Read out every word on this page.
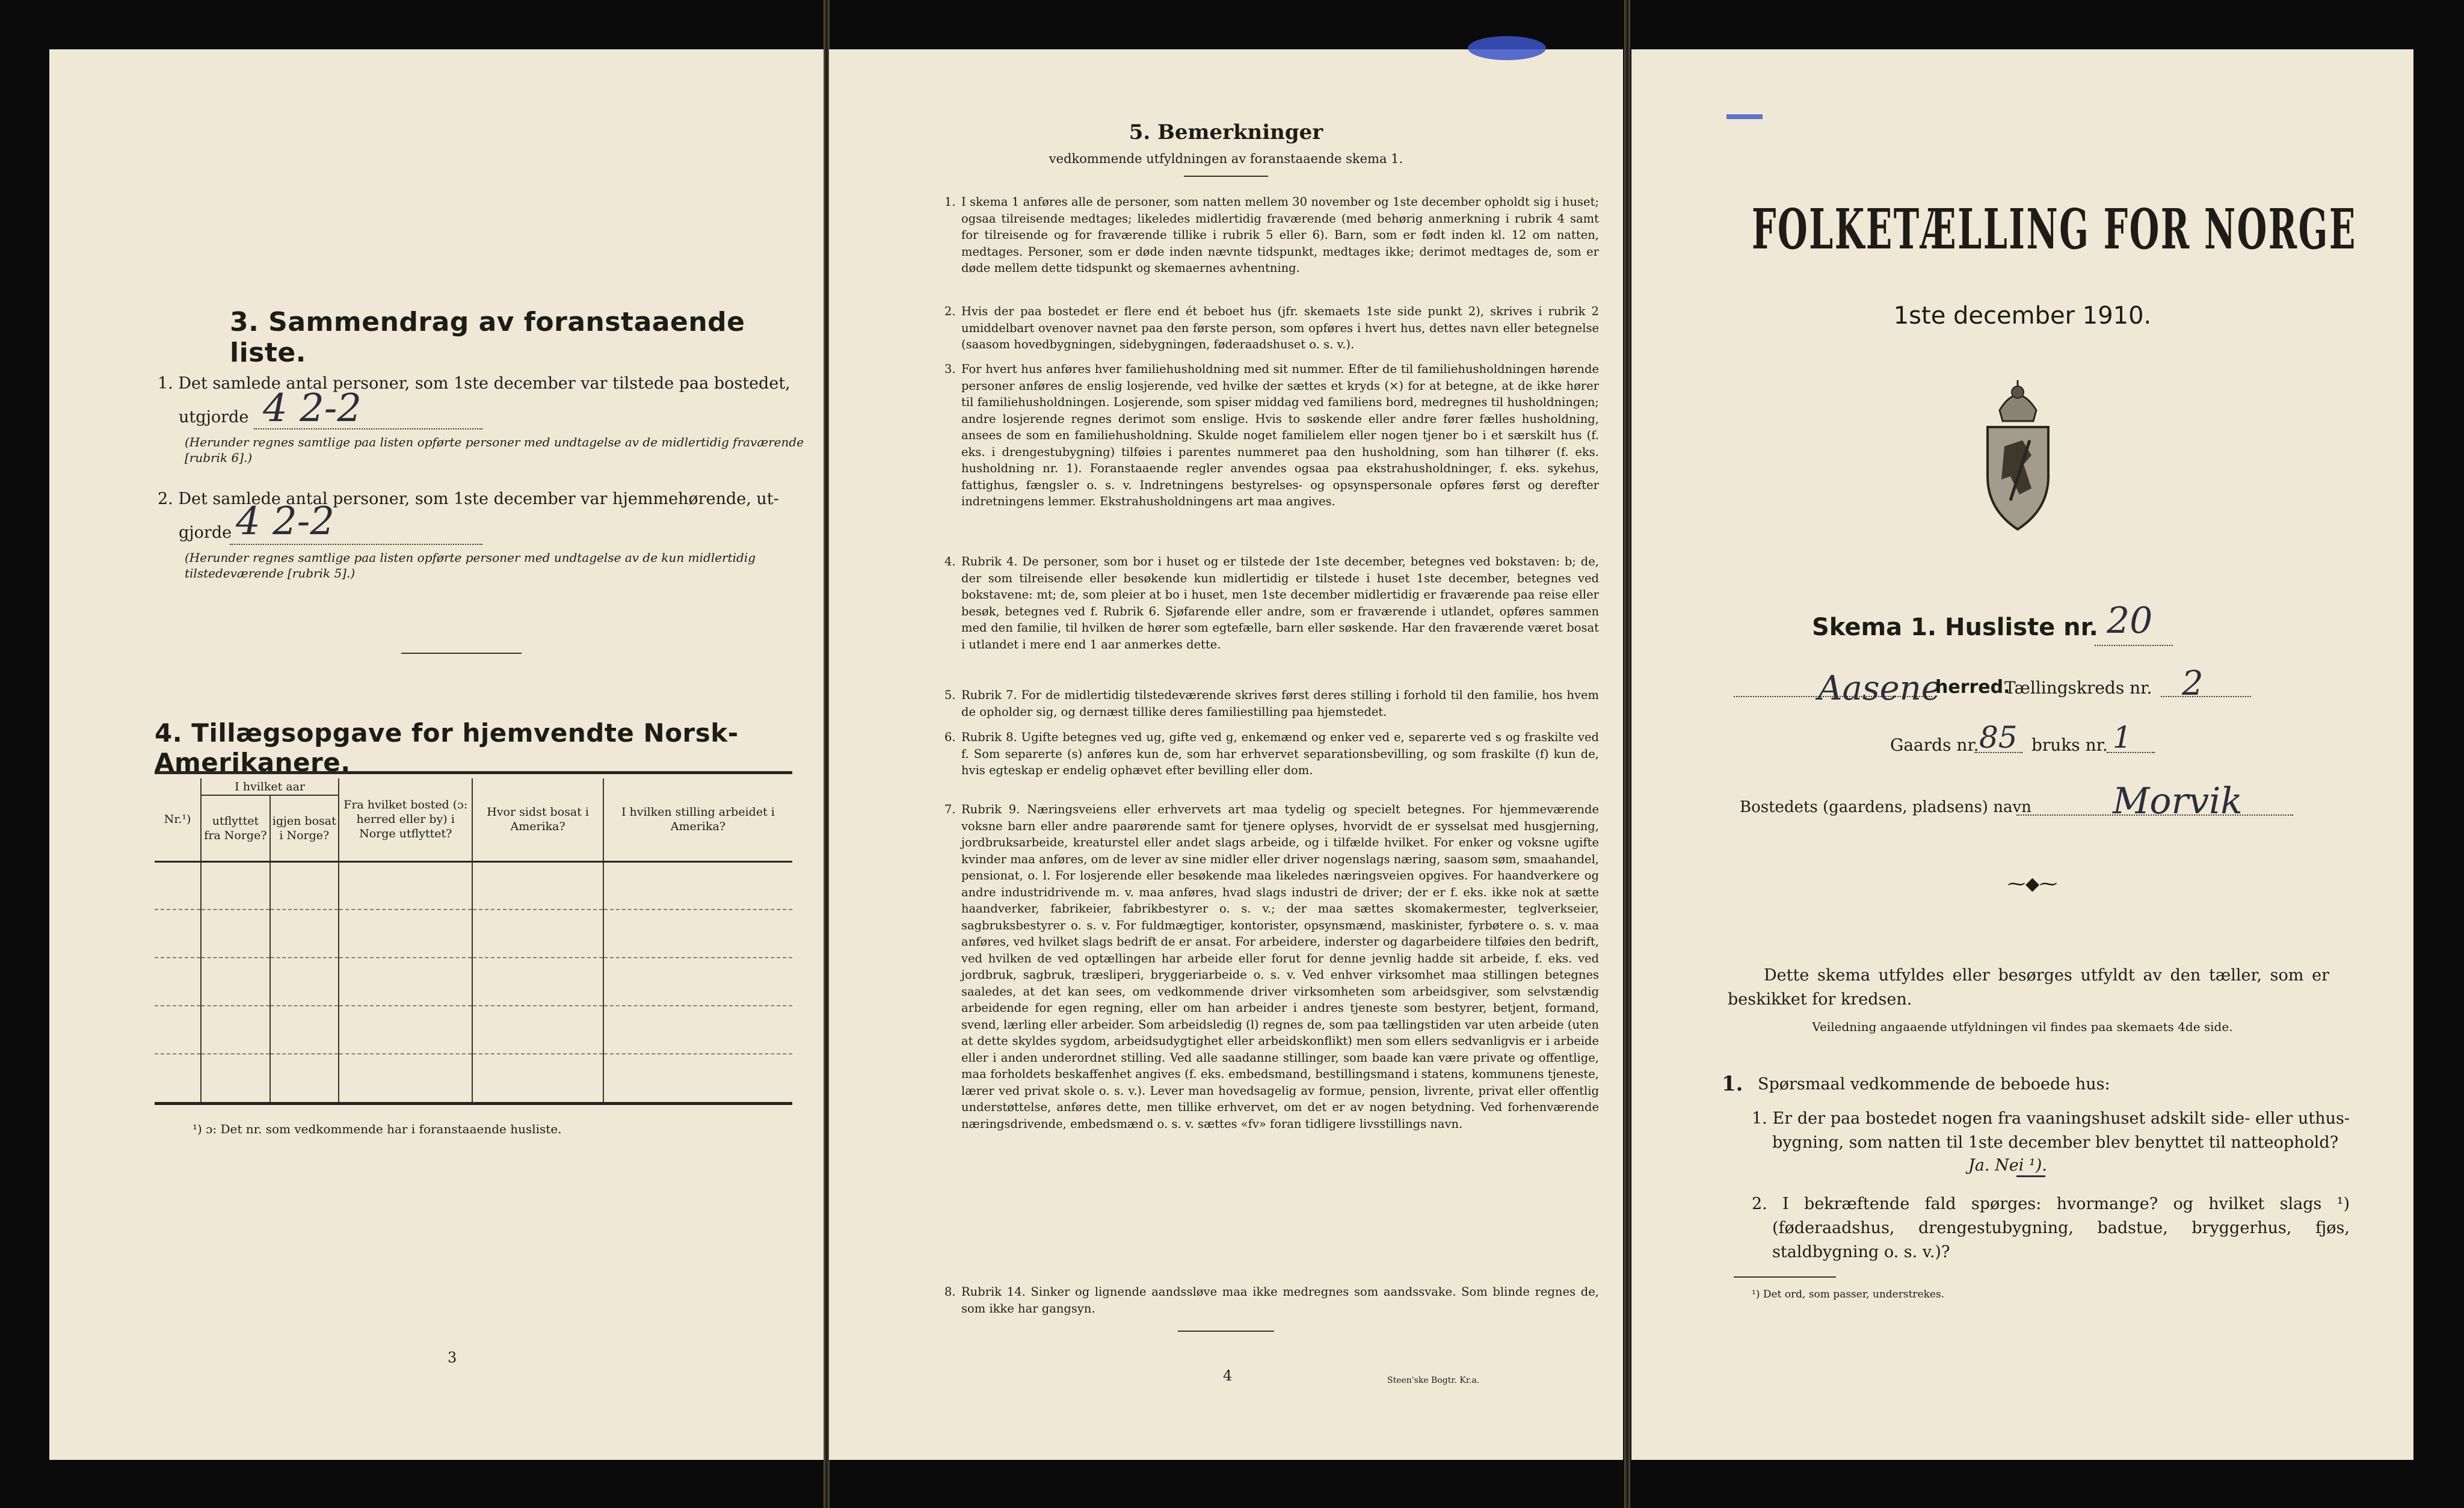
3. Sammendrag av foranstaaende liste.
1. Det samlede antal personer, som 1ste december var tilstede paa bostedet,
utgjorde 4 2-2
(Herunder regnes samtlige paa listen opførte personer med undtagelse av de midlertidig fraværende [rubrik 6].)
2. Det samlede antal personer, som 1ste december var hjemmehørende, ut-
gjorde 4 2-2
(Herunder regnes samtlige paa listen opførte personer med undtagelse av de kun midlertidig tilstedeværende [rubrik 5].)
4. Tillægsopgave for hjemvendte Norsk-Amerikanere.
Nr.¹)	I hvilket aar		Fra hvilket bosted (ɔ: herred eller by) i Norge utflyttet?	Hvor sidst bosat i Amerika?	I hvilken stilling arbeidet i Amerika?
	utflyttet fra Norge?	igjen bosat i Norge?			

¹) ɔ: Det nr. som vedkommende har i foranstaaende husliste.
3
5. Bemerkninger
vedkommende utfyldningen av foranstaaende skema 1.
1. I skema 1 anføres alle de personer, som natten mellem 30 november og 1ste december opholdt sig i huset; ogsaa tilreisende medtages; likeledes midlertidig fraværende (med behørig anmerkning i rubrik 4 samt for tilreisende og for fraværende tillike i rubrik 5 eller 6). Barn, som er født inden kl. 12 om natten, medtages. Personer, som er døde inden nævnte tidspunkt, medtages ikke; derimot medtages de, som er døde mellem dette tidspunkt og skemaernes avhentning.
2. Hvis der paa bostedet er flere end ét beboet hus (jfr. skemaets 1ste side punkt 2), skrives i rubrik 2 umiddelbart ovenover navnet paa den første person, som opføres i hvert hus, dettes navn eller betegnelse (saasom hovedbygningen, sidebygningen, føderaadshuset o. s. v.).
3. For hvert hus anføres hver familiehusholdning med sit nummer. Efter de til familiehusholdningen hørende personer anføres de enslig losjerende, ved hvilke der sættes et kryds (×) for at betegne, at de ikke hører til familiehusholdningen. Losjerende, som spiser middag ved familiens bord, medregnes til husholdningen; andre losjerende regnes derimot som enslige. Hvis to søskende eller andre fører fælles husholdning, ansees de som en familiehusholdning. Skulde noget familielem eller nogen tjener bo i et særskilt hus (f. eks. i drengestubygning) tilføies i parentes nummeret paa den husholdning, som han tilhører (f. eks. husholdning nr. 1). Foranstaaende regler anvendes ogsaa paa ekstrahusholdninger, f. eks. sykehus, fattighus, fængsler o. s. v. Indretningens bestyrelses- og opsynspersonale opføres først og derefter indretningens lemmer. Ekstrahusholdningens art maa angives.
4. Rubrik 4. De personer, som bor i huset og er tilstede der 1ste december, betegnes ved bokstaven: b; de, der som tilreisende eller besøkende kun midlertidig er tilstede i huset 1ste december, betegnes ved bokstavene: mt; de, som pleier at bo i huset, men 1ste december midlertidig er fraværende paa reise eller besøk, betegnes ved f. Rubrik 6. Sjøfarende eller andre, som er fraværende i utlandet, opføres sammen med den familie, til hvilken de hører som egtefælle, barn eller søskende. Har den fraværende været bosat i utlandet i mere end 1 aar anmerkes dette.
5. Rubrik 7. For de midlertidig tilstedeværende skrives først deres stilling i forhold til den familie, hos hvem de opholder sig, og dernæst tillike deres familiestilling paa hjemstedet.
6. Rubrik 8. Ugifte betegnes ved ug, gifte ved g, enkemænd og enker ved e, separerte ved s og fraskilte ved f. Som separerte (s) anføres kun de, som har erhvervet separationsbevilling, og som fraskilte (f) kun de, hvis egteskap er endelig ophævet efter bevilling eller dom.
7. Rubrik 9. Næringsveiens eller erhvervets art maa tydelig og specielt betegnes. For hjemmeværende voksne barn eller andre paarørende samt for tjenere oplyses, hvorvidt de er sysselsat med husgjerning, jordbruksarbeide, kreaturstel eller andet slags arbeide, og i tilfælde hvilket. For enker og voksne ugifte kvinder maa anføres, om de lever av sine midler eller driver nogenslags næring, saasom søm, smaahandel, pensionat, o. l. For losjerende eller besøkende maa likeledes næringsveien opgives. For haandverkere og andre industridrivende m. v. maa anføres, hvad slags industri de driver; der er f. eks. ikke nok at sætte haandverker, fabrikeier, fabrikbestyrer o. s. v.; der maa sættes skomakermester, teglverkseier, sagbruksbestyrer o. s. v. For fuldmægtiger, kontorister, opsynsmænd, maskinister, fyrbøtere o. s. v. maa anføres, ved hvilket slags bedrift de er ansat. For arbeidere, inderster og dagarbeidere tilføies den bedrift, ved hvilken de ved optællingen har arbeide eller forut for denne jevnlig hadde sit arbeide, f. eks. ved jordbruk, sagbruk, træsliperi, bryggeriarbeide o. s. v. Ved enhver virksomhet maa stillingen betegnes saaledes, at det kan sees, om vedkommende driver virksomheten som arbeidsgiver, som selvstændig arbeidende for egen regning, eller om han arbeider i andres tjeneste som bestyrer, betjent, formand, svend, lærling eller arbeider. Som arbeidsledig (l) regnes de, som paa tællingstiden var uten arbeide (uten at dette skyldes sygdom, arbeidsudygtighet eller arbeidskonflikt) men som ellers sedvanligvis er i arbeide eller i anden underordnet stilling. Ved alle saadanne stillinger, som baade kan være private og offentlige, maa forholdets beskaffenhet angives (f. eks. embedsmand, bestillingsmand i statens, kommunens tjeneste, lærer ved privat skole o. s. v.). Lever man hovedsagelig av formue, pension, livrente, privat eller offentlig understøttelse, anføres dette, men tillike erhvervet, om det er av nogen betydning. Ved forhenværende næringsdrivende, embedsmænd o. s. v. sættes «fv» foran tidligere livsstillings navn.
8. Rubrik 14. Sinker og lignende aandssløve maa ikke medregnes som aandssvake. Som blinde regnes de, som ikke har gangsyn.
4	Steen'ske Bogtr. Kr.a.
FOLKETÆLLING FOR NORGE
1ste december 1910.
Skema 1. Husliste nr. 20
Aasene
herred.
Tællingskreds nr. 2
Gaards nr. 85 bruks nr. 1
Bostedets (gaardens, pladsens) navn Morvik
⁓◆⁓
Dette skema utfyldes eller besørges utfyldt av den tæller, som er beskikket for kredsen.
Veiledning angaaende utfyldningen vil findes paa skemaets 4de side.
1. Spørsmaal vedkommende de beboede hus:
1. Er der paa bostedet nogen fra vaaningshuset adskilt side- eller uthus-bygning, som natten til 1ste december blev benyttet til natteophold?
Ja. Nei ¹).
2. I bekræftende fald spørges: hvormange? og hvilket slags ¹) (føderaadshus, drengestubygning, badstue, bryggerhus, fjøs, staldbygning o. s. v.)?
¹) Det ord, som passer, understrekes.
